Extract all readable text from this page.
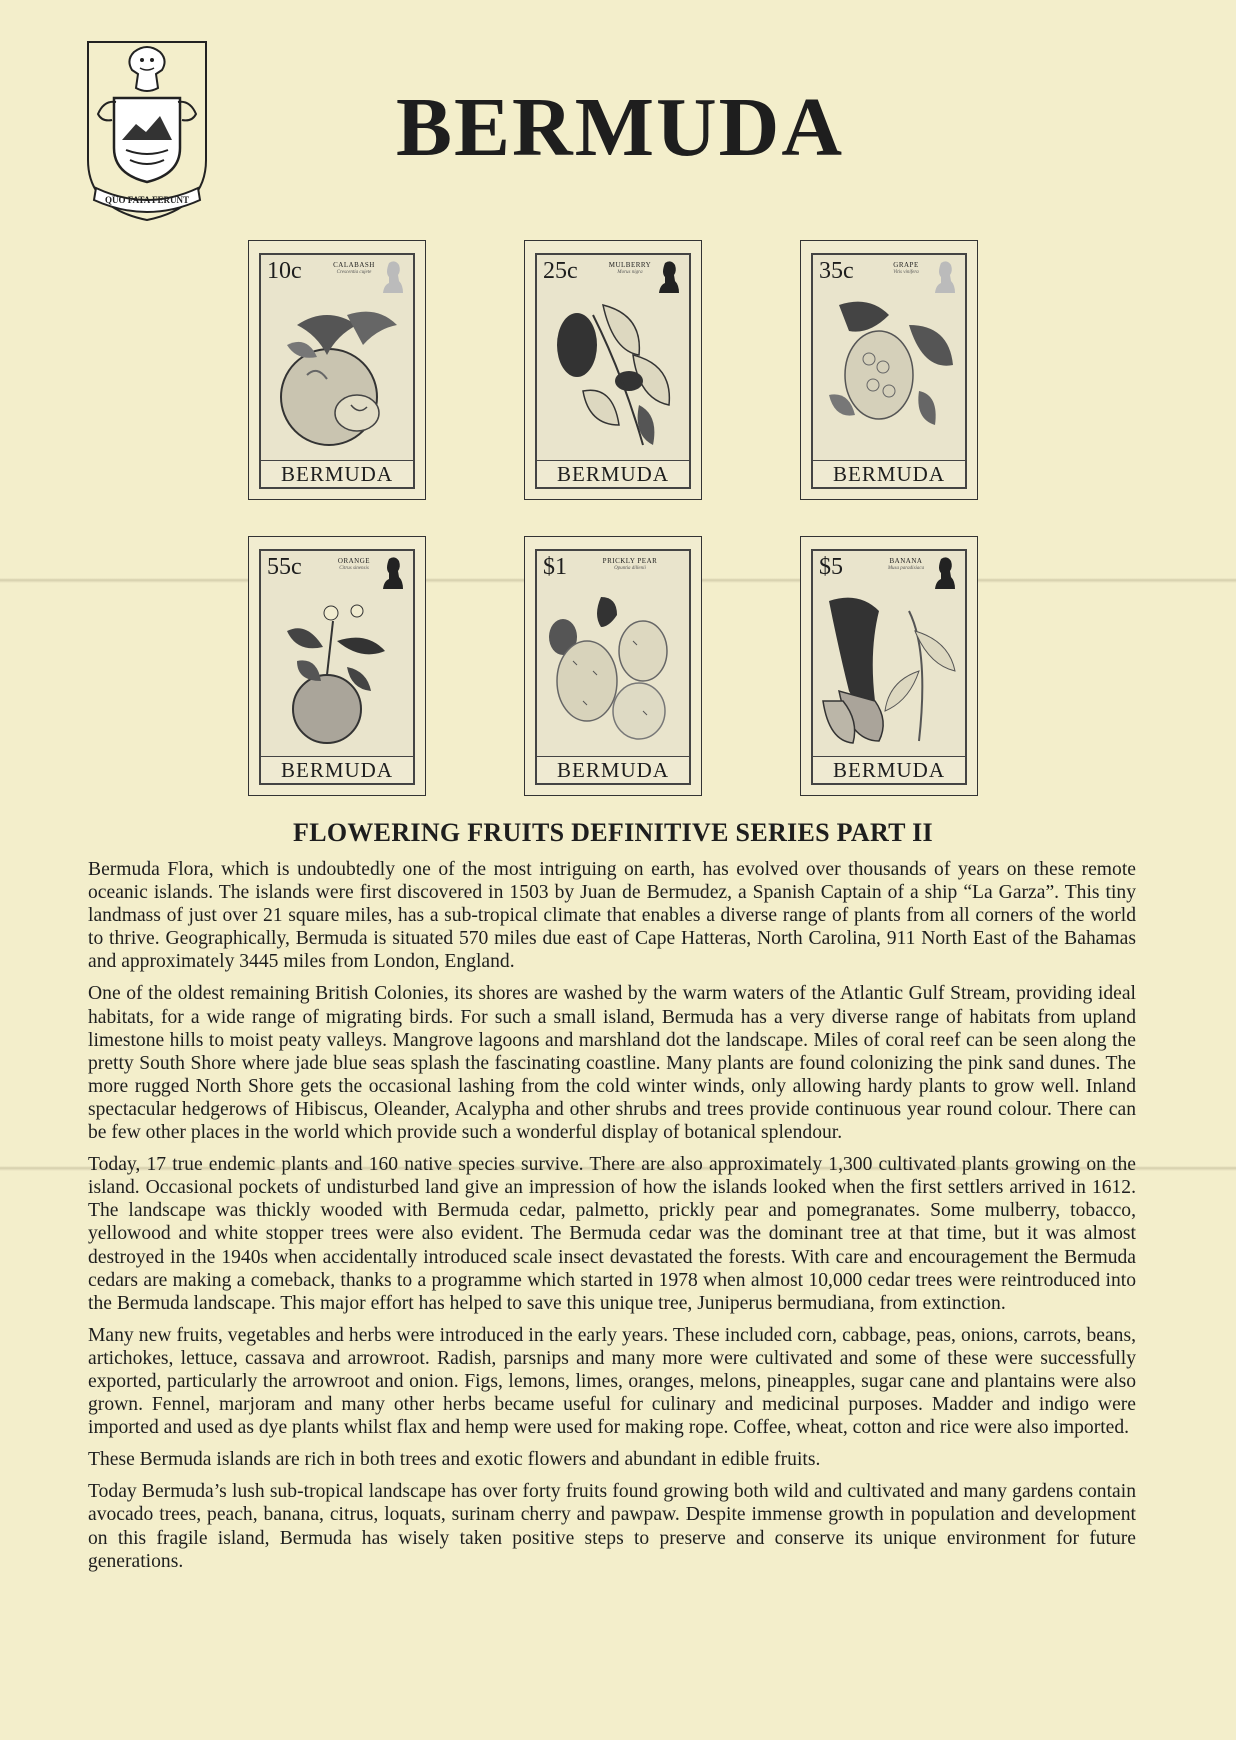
QUO FATA FERUNT
BERMUDA
10c	CALABASH
Crescentia cujete
BERMUDA
25c	MULBERRY
Morus nigra
BERMUDA
35c	GRAPE
Vitis vinifera
BERMUDA
55c	ORANGE
Citrus sinensis
BERMUDA
$1	PRICKLY PEAR
Opuntia dillenii
BERMUDA
$5	BANANA
Musa paradisiaca
BERMUDA
FLOWERING FRUITS DEFINITIVE SERIES PART II

Bermuda Flora, which is undoubtedly one of the most intriguing on earth, has evolved over thousands of years on these remote oceanic islands. The islands were first discovered in 1503 by Juan de Bermudez, a Spanish Captain of a ship “La Garza”. This tiny landmass of just over 21 square miles, has a sub-tropical climate that enables a diverse range of plants from all corners of the world to thrive. Geographically, Bermuda is situated 570 miles due east of Cape Hatteras, North Carolina, 911 North East of the Bahamas and approximately 3445 miles from London, England.

One of the oldest remaining British Colonies, its shores are washed by the warm waters of the Atlantic Gulf Stream, providing ideal habitats, for a wide range of migrating birds. For such a small island, Bermuda has a very diverse range of habitats from upland limestone hills to moist peaty valleys. Mangrove lagoons and marshland dot the landscape. Miles of coral reef can be seen along the pretty South Shore where jade blue seas splash the fascinating coastline. Many plants are found colonizing the pink sand dunes. The more rugged North Shore gets the occasional lashing from the cold winter winds, only allowing hardy plants to grow well. Inland spectacular hedgerows of Hibiscus, Oleander, Acalypha and other shrubs and trees provide continuous year round colour. There can be few other places in the world which provide such a wonderful display of botanical splendour.

Today, 17 true endemic plants and 160 native species survive. There are also approximately 1,300 cultivated plants growing on the island. Occasional pockets of undisturbed land give an impression of how the islands looked when the first settlers arrived in 1612. The landscape was thickly wooded with Bermuda cedar, palmetto, prickly pear and pomegranates. Some mulberry, tobacco, yellowood and white stopper trees were also evident. The Bermuda cedar was the dominant tree at that time, but it was almost destroyed in the 1940s when accidentally introduced scale insect devastated the forests. With care and encouragement the Bermuda cedars are making a comeback, thanks to a programme which started in 1978 when almost 10,000 cedar trees were reintroduced into the Bermuda landscape. This major effort has helped to save this unique tree, Juniperus bermudiana, from extinction.

Many new fruits, vegetables and herbs were introduced in the early years. These included corn, cabbage, peas, onions, carrots, beans, artichokes, lettuce, cassava and arrowroot. Radish, parsnips and many more were cultivated and some of these were successfully exported, particularly the arrowroot and onion. Figs, lemons, limes, oranges, melons, pineapples, sugar cane and plantains were also grown. Fennel, marjoram and many other herbs became useful for culinary and medicinal purposes. Madder and indigo were imported and used as dye plants whilst flax and hemp were used for making rope. Coffee, wheat, cotton and rice were also imported.

These Bermuda islands are rich in both trees and exotic flowers and abundant in edible fruits.

Today Bermuda’s lush sub-tropical landscape has over forty fruits found growing both wild and cultivated and many gardens contain avocado trees, peach, banana, citrus, loquats, surinam cherry and pawpaw. Despite immense growth in population and development on this fragile island, Bermuda has wisely taken positive steps to preserve and conserve its unique environment for future generations.
